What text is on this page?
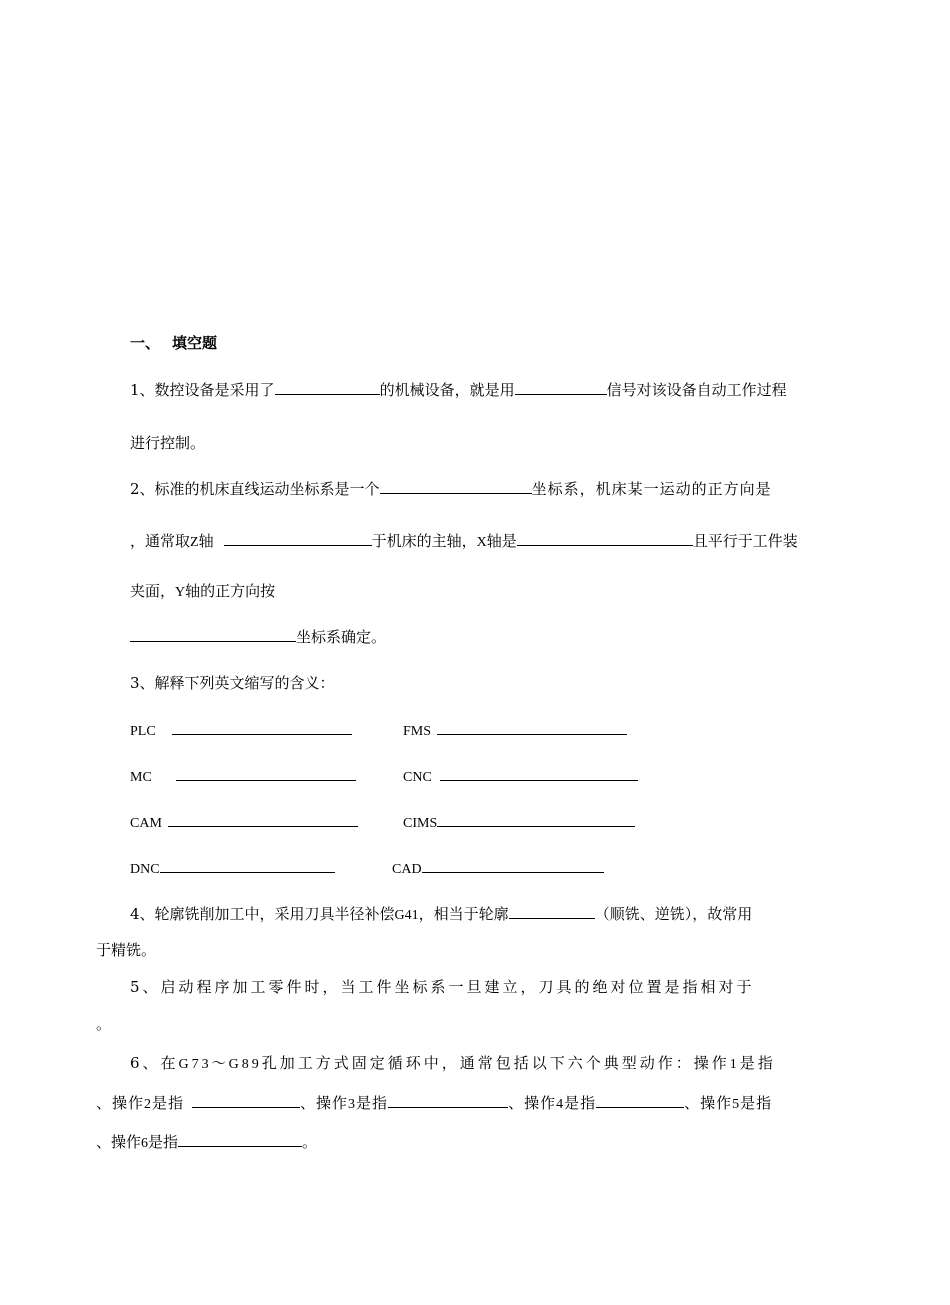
一、 填空题
1、数控设备是采用了	的机械设备，就是用	信号对该设备自动工作过程
进行控制。
2、标准的机床直线运动坐标系是一个	坐标系，机床某一运动的正方向是
，通常取Z轴	于机床的主轴，X轴是	且平行于工件装
夹面，Y轴的正方向按
坐标系确定。
3、解释下列英文缩写的含义：
PLC	FMS
MC	CNC
CAM	CIMS
DNC	CAD
4、轮廓铣削加工中，采用刀具半径补偿G41，相当于轮廓	（顺铣、逆铣），故常用
于精铣。
5、启动程序加工零件时，当工件坐标系一旦建立，刀具的绝对位置是指相对于
。
6、在G73～G89孔加工方式固定循环中，通常包括以下六个典型动作：操作1是指
、操作2是指	、操作3是指	、操作4是指	、操作5是指
、操作6是指	。
